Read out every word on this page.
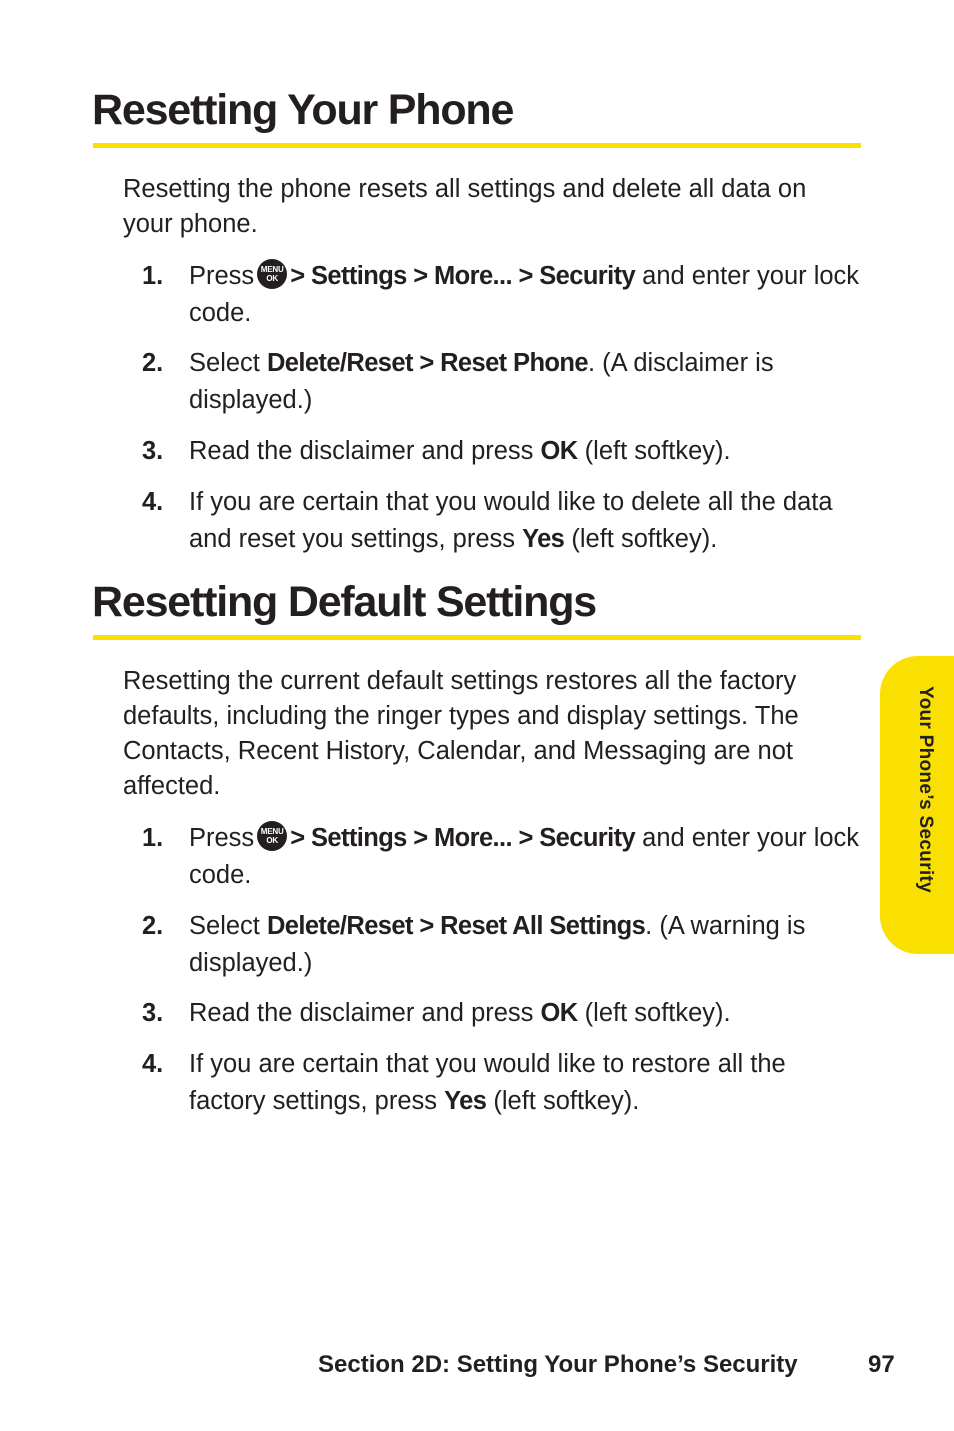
Resetting Your Phone

Resetting the phone resets all settings and delete all data on your phone.

1.	Press MENU
OK > Settings > More... > Security and enter your lock code.
2.	Select Delete/Reset > Reset Phone. (A disclaimer is displayed.)
3.	Read the disclaimer and press OK (left softkey).
4.	If you are certain that you would like to delete all the data and reset you settings, press Yes (left softkey).
Resetting Default Settings

Resetting the current default settings restores all the factory defaults, including the ringer types and display settings. The Contacts, Recent History, Calendar, and Messaging are not affected.

1.	Press MENU
OK > Settings > More... > Security and enter your lock code.
2.	Select Delete/Reset > Reset All Settings. (A warning is displayed.)
3.	Read the disclaimer and press OK (left softkey).
4.	If you are certain that you would like to restore all the factory settings, press Yes (left softkey).
Your Phone’s Security
Section 2D: Setting Your Phone’s Security	97
